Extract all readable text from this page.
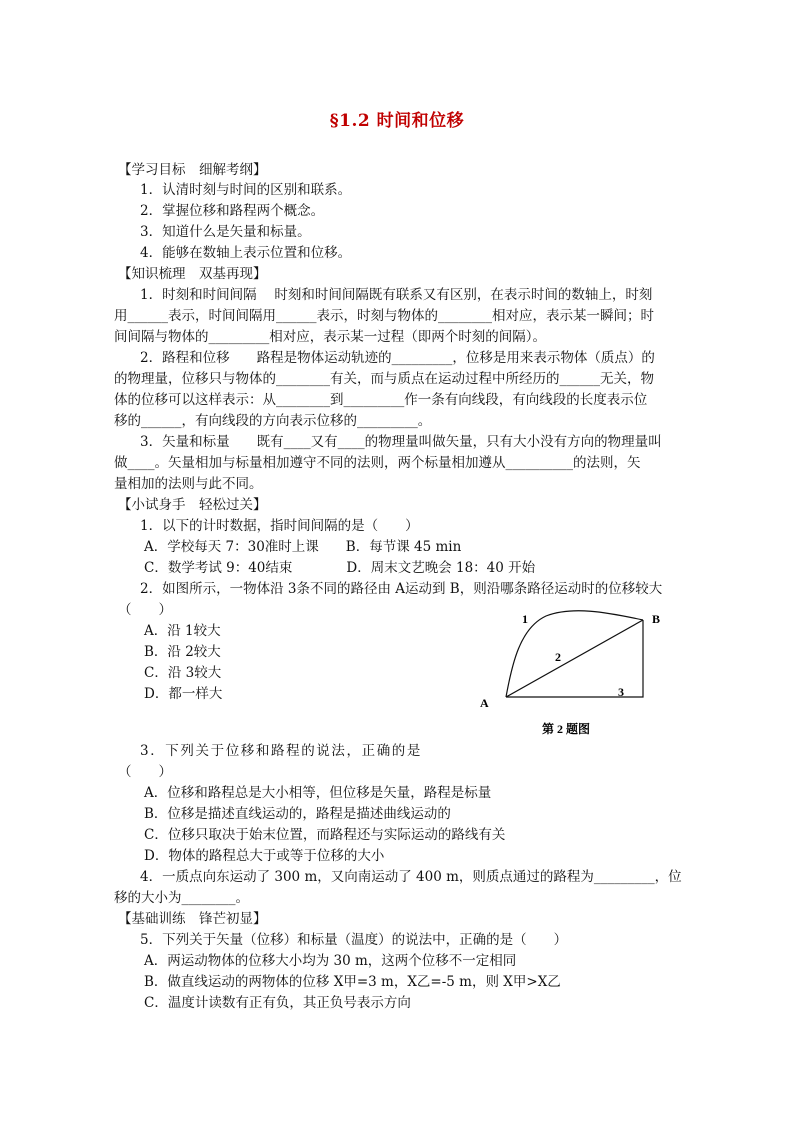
§1.2 时间和位移
【学习目标　细解考纲】
1．认清时刻与时间的区别和联系。
2．掌握位移和路程两个概念。
3．知道什么是矢量和标量。
4．能够在数轴上表示位置和位移。
【知识梳理　双基再现】
1．时刻和时间间隔　 时刻和时间间隔既有联系又有区别，在表示时间的数轴上，时刻
用______表示，时间间隔用______表示，时刻与物体的________相对应，表示某一瞬间；时
间间隔与物体的_________相对应，表示某一过程（即两个时刻的间隔）。
2．路程和位移　　路程是物体运动轨迹的_________，位移是用来表示物体（质点）的
的物理量，位移只与物体的________有关，而与质点在运动过程中所经历的______无关，物
体的位移可以这样表示：从________到_________作一条有向线段，有向线段的长度表示位
移的______，有向线段的方向表示位移的_________。
3．矢量和标量　　既有____又有____的物理量叫做矢量，只有大小没有方向的物理量叫
做____。矢量相加与标量相加遵守不同的法则，两个标量相加遵从__________的法则，矢
量相加的法则与此不同。
【小试身手　轻松过关】
1．以下的计时数据，指时间间隔的是（　　）
A．学校每天 7：30准时上课　　B．每节课 45 min
C．数学考试 9：40结束　　　　D．周末文艺晚会 18：40 开始
2．如图所示，一物体沿 3条不同的路径由 A运动到 B，则沿哪条路径运动时的位移较大
（　　）
A．沿 1较大
B．沿 2较大
C．沿 3较大
D．都一样大
A
B
1
2
3
第 2 题图
3．下列关于位移和路程的说法，正确的是
（　　）
A．位移和路程总是大小相等，但位移是矢量，路程是标量
B．位移是描述直线运动的，路程是描述曲线运动的
C．位移只取决于始末位置，而路程还与实际运动的路线有关
D．物体的路程总大于或等于位移的大小
4．一质点向东运动了 300 m，又向南运动了 400 m，则质点通过的路程为_________，位
移的大小为________。
【基础训练　锋芒初显】
5．下列关于矢量（位移）和标量（温度）的说法中，正确的是（　　）
A．两运动物体的位移大小均为 30 m，这两个位移不一定相同
B．做直线运动的两物体的位移 X甲=3 m，X乙=-5 m，则 X甲>X乙
C．温度计读数有正有负，其正负号表示方向
